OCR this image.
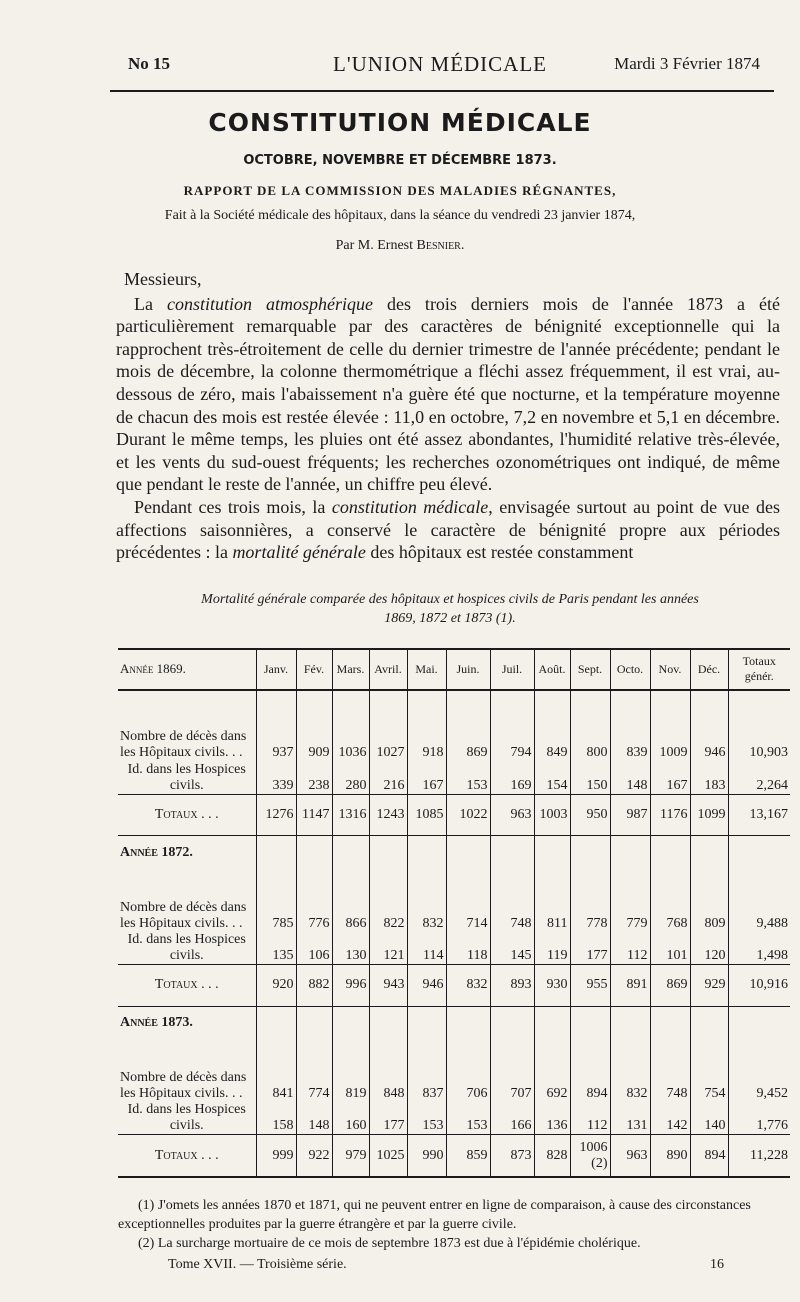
No 15	L'UNION MÉDICALE	Mardi 3 Février 1874
CONSTITUTION MÉDICALE
OCTOBRE, NOVEMBRE ET DÉCEMBRE 1873.
RAPPORT DE LA COMMISSION DES MALADIES RÉGNANTES,
Fait à la Société médicale des hôpitaux, dans la séance du vendredi 23 janvier 1874,
Par M. Ernest Besnier.

Messieurs,

La constitution atmosphérique des trois derniers mois de l'année 1873 a été particulièrement remarquable par des caractères de bénignité exceptionnelle qui la rapprochent très-étroitement de celle du dernier trimestre de l'année précédente; pendant le mois de décembre, la colonne thermométrique a fléchi assez fréquemment, il est vrai, au-dessous de zéro, mais l'abaissement n'a guère été que nocturne, et la température moyenne de chacun des mois est restée élevée : 11,0 en octobre, 7,2 en novembre et 5,1 en décembre. Durant le même temps, les pluies ont été assez abondantes, l'humidité relative très-élevée, et les vents du sud-ouest fréquents; les recherches ozonométriques ont indiqué, de même que pendant le reste de l'année, un chiffre peu élevé.

Pendant ces trois mois, la constitution médicale, envisagée surtout au point de vue des affections saisonnières, a conservé le caractère de bénignité propre aux périodes précédentes : la mortalité générale des hôpitaux est restée constamment

Mortalité générale comparée des hôpitaux et hospices civils de Paris pendant les années
1869, 1872 et 1873 (1).
Année 1869.	Janv.	Fév.	Mars.	Avril.	Mai.	Juin.	Juil.	Août.	Sept.	Octo.	Nov.	Déc.	Totaux génér.
Nombre de décès dans les Hôpitaux civils. . .	937	909	1036	1027	918	869	794	849	800	839	1009	946	10,903
Id. dans les Hospices civils.	339	238	280	216	167	153	169	154	150	148	167	183	2,264
Totaux . . .	1276	1147	1316	1243	1085	1022	963	1003	950	987	1176	1099	13,167
Année 1872.													
Nombre de décès dans les Hôpitaux civils. . .	785	776	866	822	832	714	748	811	778	779	768	809	9,488
Id. dans les Hospices civils.	135	106	130	121	114	118	145	119	177	112	101	120	1,498
Totaux . . .	920	882	996	943	946	832	893	930	955	891	869	929	10,916
Année 1873.													
Nombre de décès dans les Hôpitaux civils. . .	841	774	819	848	837	706	707	692	894	832	748	754	9,452
Id. dans les Hospices civils.	158	148	160	177	153	153	166	136	112	131	142	140	1,776
Totaux . . .	999	922	979	1025	990	859	873	828	1006 (2)	963	890	894	11,228

(1) J'omets les années 1870 et 1871, qui ne peuvent entrer en ligne de comparaison, à cause des circonstances exceptionnelles produites par la guerre étrangère et par la guerre civile.

(2) La surcharge mortuaire de ce mois de septembre 1873 est due à l'épidémie cholérique.

Tome XVII. — Troisième série.	16
